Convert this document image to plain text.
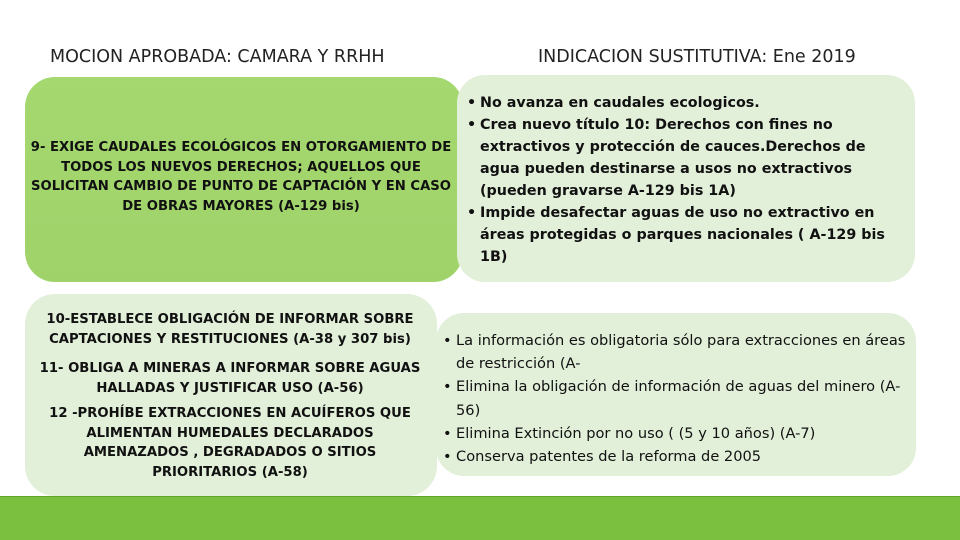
MOCION APROBADA: CAMARA Y RRHH	INDICACION SUSTITUTIVA: Ene 2019
9- EXIGE CAUDALES ECOLÓGICOS EN OTORGAMIENTO DE TODOS LOS NUEVOS DERECHOS; AQUELLOS QUE SOLICITAN CAMBIO DE PUNTO DE CAPTACIÓN Y EN CASO DE OBRAS MAYORES (A-129 bis)
• No avanza en caudales ecologicos.
• Crea nuevo título 10: Derechos con fines no extractivos y protección de cauces.Derechos de agua pueden destinarse a usos no extractivos (pueden gravarse A-129 bis 1A)
• Impide desafectar aguas de uso no extractivo en áreas protegidas o parques nacionales ( A-129 bis 1B)
10-ESTABLECE OBLIGACIÓN DE INFORMAR SOBRE CAPTACIONES Y RESTITUCIONES (A-38 y 307 bis)
11- OBLIGA A MINERAS A INFORMAR SOBRE AGUAS HALLADAS Y JUSTIFICAR USO (A-56)
12 -PROHÍBE EXTRACCIONES EN ACUÍFEROS QUE ALIMENTAN HUMEDALES DECLARADOS AMENAZADOS , DEGRADADOS O SITIOS PRIORITARIOS (A-58)
• La información es obligatoria sólo para extracciones en áreas de restricción (A-
• Elimina la obligación de información de aguas del minero (A-56)
• Elimina Extinción por no uso ( (5 y 10 años) (A-7)
• Conserva patentes de la reforma de 2005
